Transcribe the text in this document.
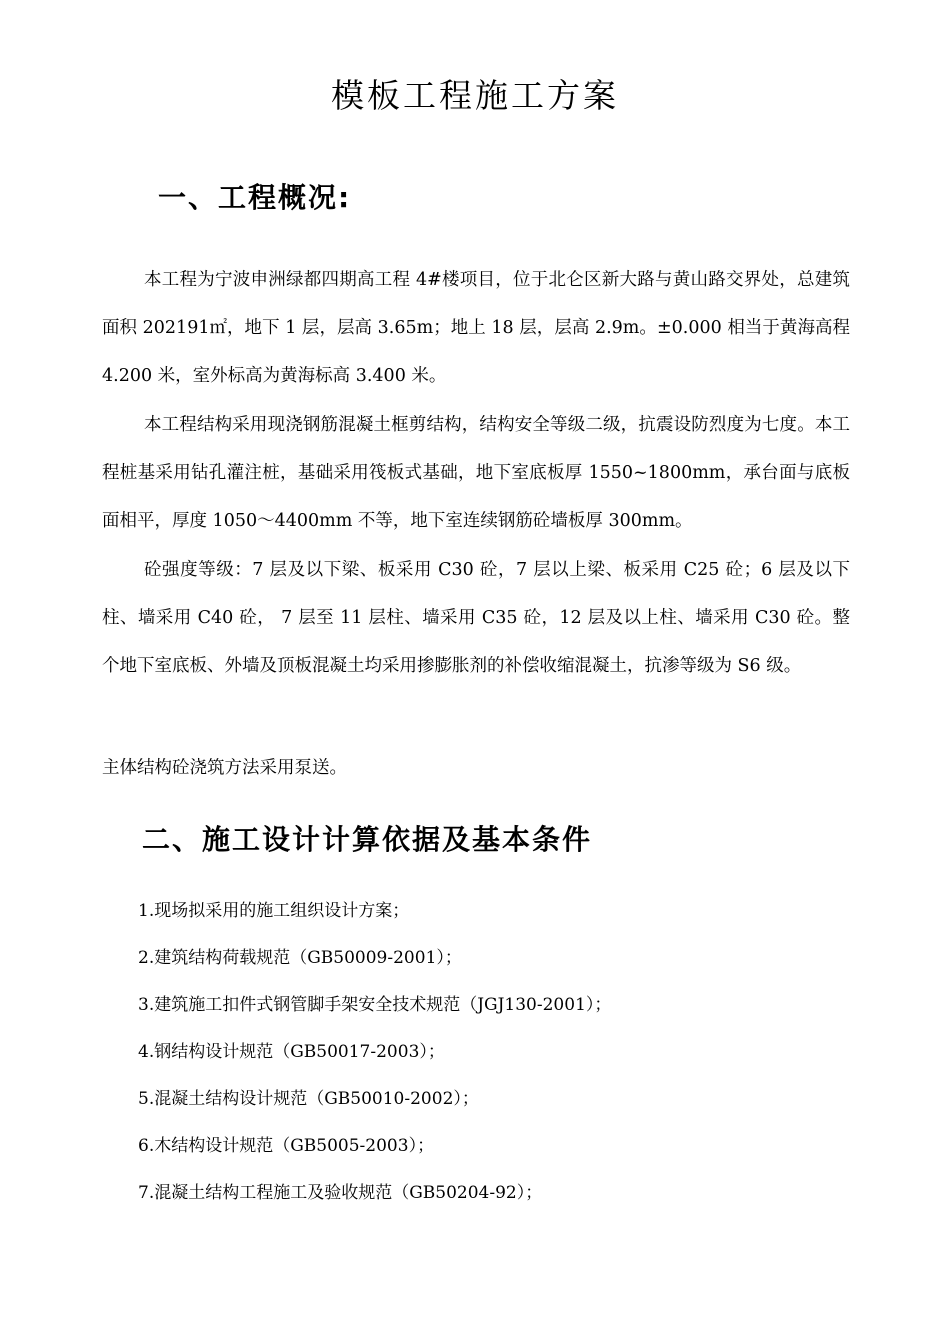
模板工程施工方案
一、工程概况:

本工程为宁波申洲绿都四期高工程 4#楼项目，位于北仑区新大路与黄山路交界处，总建筑面积 202191㎡，地下 1 层，层高 3.65m；地上 18 层，层高 2.9m。±0.000 相当于黄海高程 4.200 米，室外标高为黄海标高 3.400 米。

本工程结构采用现浇钢筋混凝土框剪结构，结构安全等级二级，抗震设防烈度为七度。本工程桩基采用钻孔灌注桩，基础采用筏板式基础，地下室底板厚 1550~1800mm，承台面与底板面相平，厚度 1050～4400mm 不等，地下室连续钢筋砼墙板厚 300mm。

砼强度等级：7 层及以下梁、板采用 C30 砼，7 层以上梁、板采用 C25 砼；6 层及以下柱、墙采用 C40 砼， 7 层至 11 层柱、墙采用 C35 砼，12 层及以上柱、墙采用 C30 砼。整个地下室底板、外墙及顶板混凝土均采用掺膨胀剂的补偿收缩混凝土，抗渗等级为 S6 级。

主体结构砼浇筑方法采用泵送。

二、施工设计计算依据及基本条件
1.现场拟采用的施工组织设计方案；
2.建筑结构荷载规范（GB50009-2001）；
3.建筑施工扣件式钢管脚手架安全技术规范（JGJ130-2001）；
4.钢结构设计规范（GB50017-2003）；
5.混凝土结构设计规范（GB50010-2002）；
6.木结构设计规范（GB5005-2003）；
7.混凝土结构工程施工及验收规范（GB50204-92）；
